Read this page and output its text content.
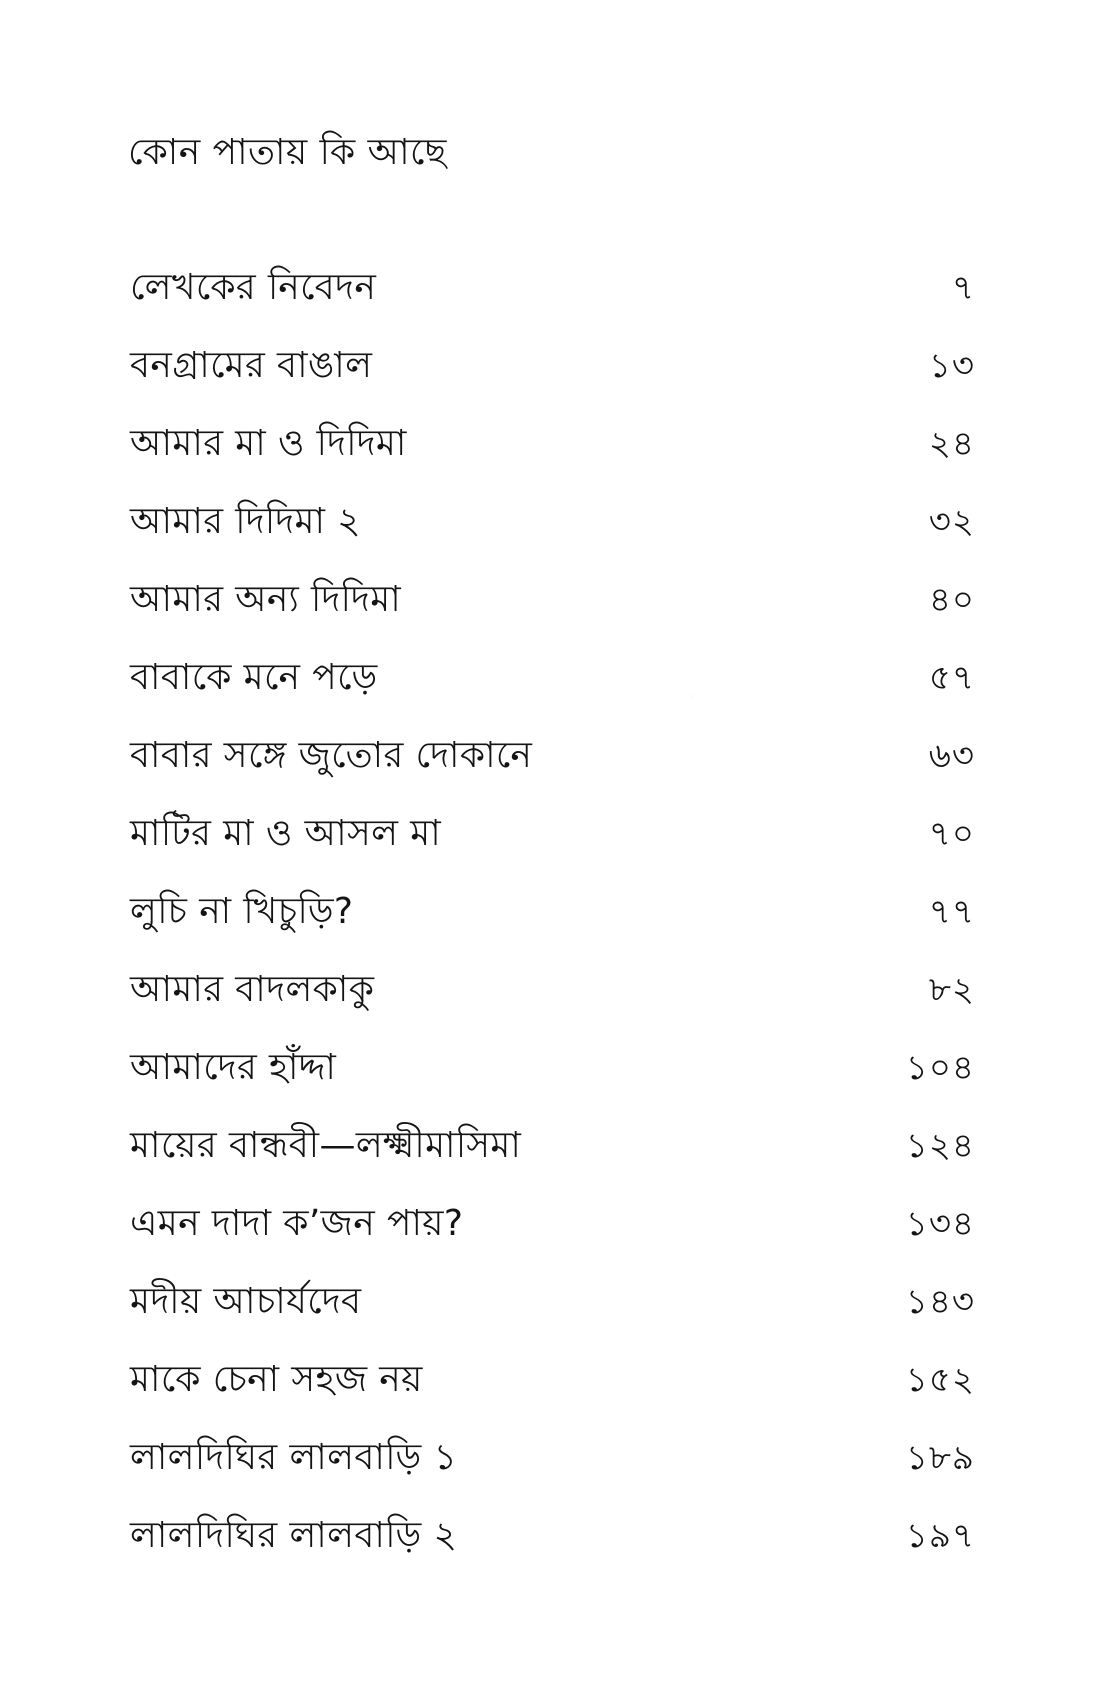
কোন পাতায় কি আছে
লেখকের নিবেদন	৭
বনগ্রামের বাঙাল	১৩
আমার মা ও দিদিমা	২৪
আমার দিদিমা ২	৩২
আমার অন্য দিদিমা	৪০
বাবাকে মনে পড়ে	৫৭
বাবার সঙ্গে জুতোর দোকানে	৬৩
মাটির মা ও আসল মা	৭০
লুচি না খিচুড়ি?	৭৭
আমার বাদলকাকু	৮২
আমাদের হাঁদ্দা	১০৪
মায়ের বান্ধবী—লক্ষ্মীমাসিমা	১২৪
এমন দাদা ক’জন পায়?	১৩৪
মদীয় আচার্যদেব	১৪৩
মাকে চেনা সহজ নয়	১৫২
লালদিঘির লালবাড়ি ১	১৮৯
লালদিঘির লালবাড়ি ২	১৯৭
